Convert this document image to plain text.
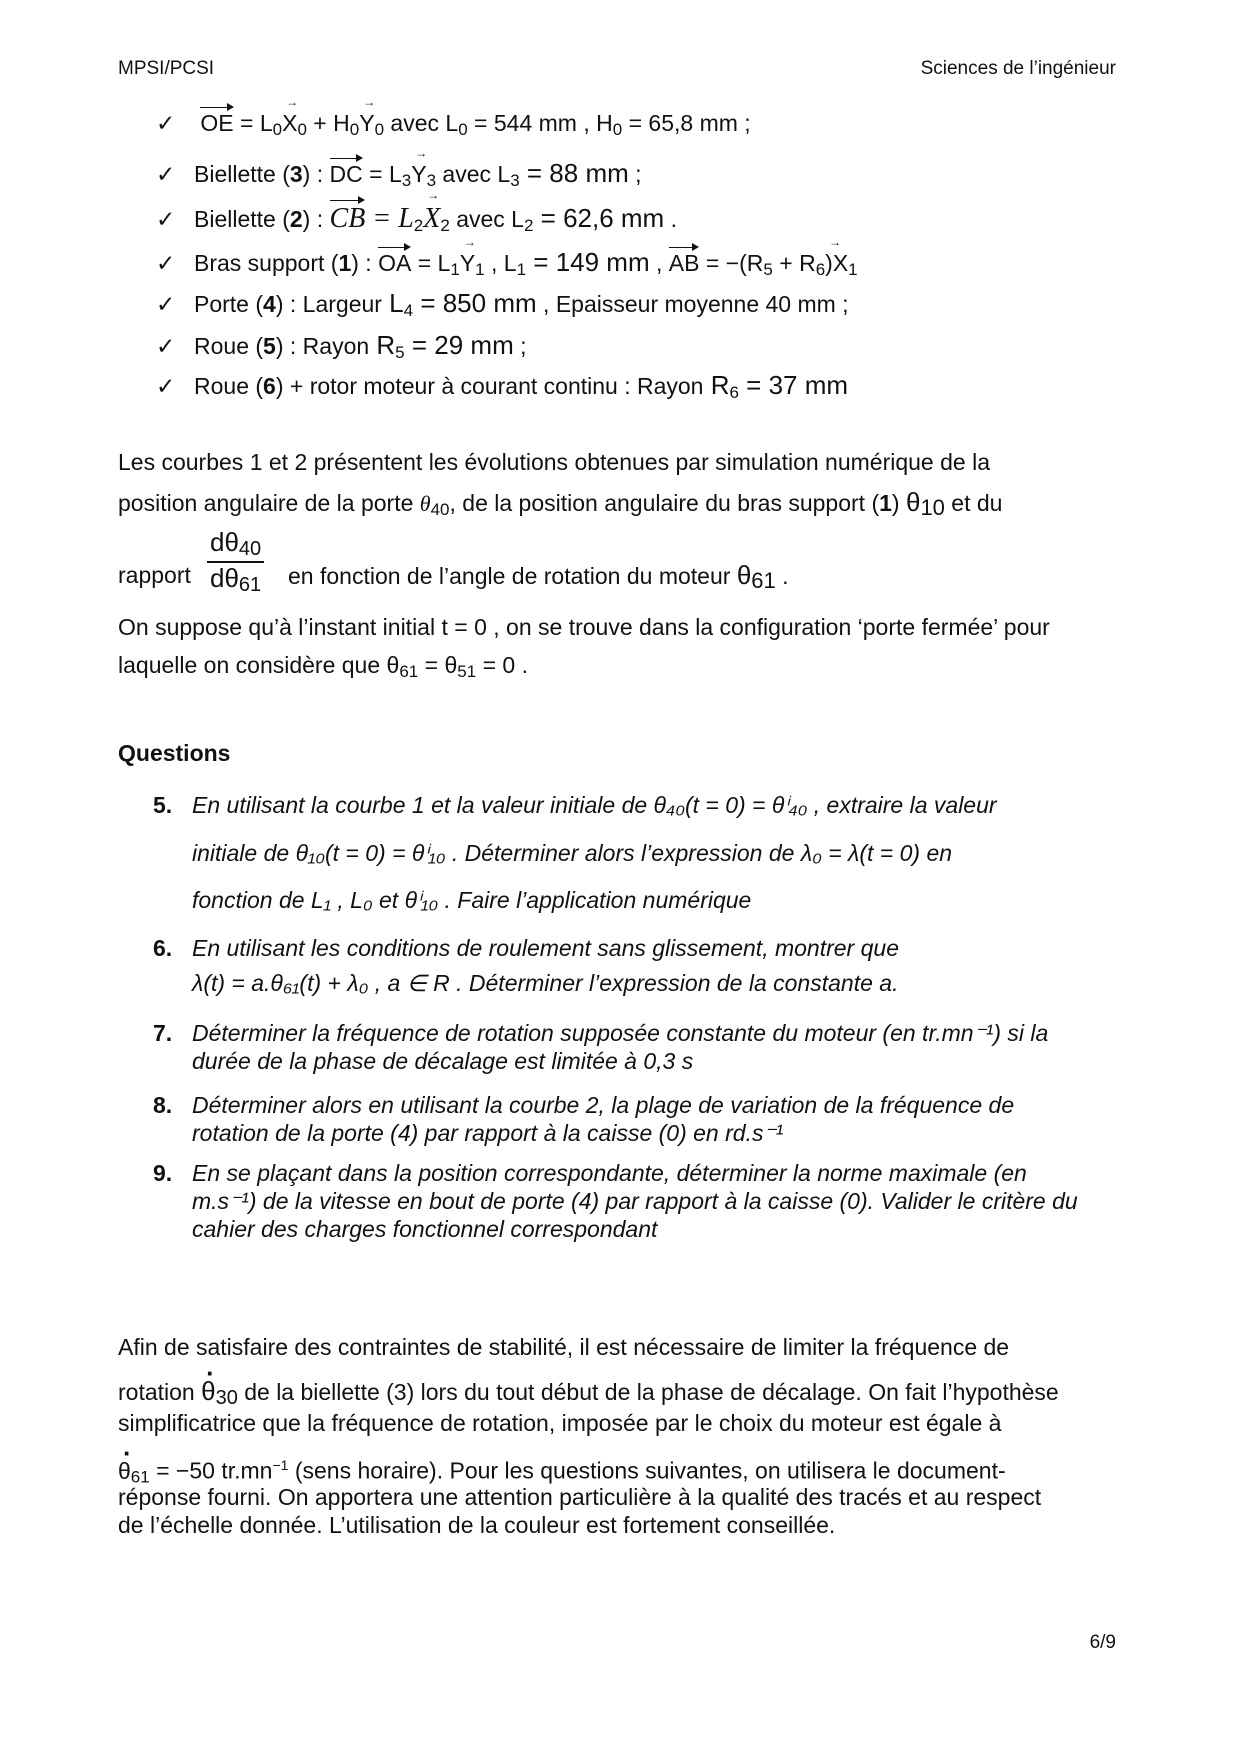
MPSI/PCSI	Sciences de l’ingénieur
✓ OE = $L_0\to X_0 + H_0\to Y_0$ avec $L_0 = 544$ mm , $H_0 = 65,8$ mm ;
✓ Biellette (3) : DC = $L_3\to Y_3$ avec $L_3 = 88$ mm ;
✓ Biellette (2) : CB = $L_2\to X_2$ avec $L_2 = 62,6$ mm .
✓ Bras support (1) : OA = $L_1\to Y_1$ , $L_1 = 149$ mm , AB = $-(R_5 + R_6\to )X_1$
✓ Porte (4) : Largeur $L_4 = 850$ mm , Epaisseur moyenne 40 mm ;
✓ Roue (5) : Rayon $R_5 = 29$ mm ;
✓ Roue (6) + rotor moteur à courant continu : Rayon $R_6 = 37$ mm
Les courbes 1 et 2 présentent les évolutions obtenues par simulation numérique de la
position angulaire de la porte $\theta_{40}$, de la position angulaire du bras support (1) $\theta_{10}$ et du
rapport $\frac{d\theta_{40}}{d\theta_{61}}$ en fonction de l’angle de rotation du moteur $\theta_{61}$ .
On suppose qu’à l’instant initial t = 0 , on se trouve dans la configuration ‘porte fermée’ pour
laquelle on considère que $\theta_{61} = \theta_{51} = 0$ .
Questions
5. En utilisant la courbe 1 et la valeur initiale de θ₄₀(t = 0) = θⁱ₄₀ , extraire la valeur
initiale de θ₁₀(t = 0) = θⁱ₁₀ . Déterminer alors l’expression de λ₀ = λ(t = 0) en
fonction de L₁ , L₀ et θⁱ₁₀ . Faire l’application numérique
6. En utilisant les conditions de roulement sans glissement, montrer que
λ(t) = a.θ₆₁(t) + λ₀ , a ∈ R . Déterminer l’expression de la constante a.
7. Déterminer la fréquence de rotation supposée constante du moteur (en tr.mn⁻¹) si la
durée de la phase de décalage est limitée à 0,3 s
8. Déterminer alors en utilisant la courbe 2, la plage de variation de la fréquence de
rotation de la porte (4) par rapport à la caisse (0) en rd.s⁻¹
9. En se plaçant dans la position correspondante, déterminer la norme maximale (en
m.s⁻¹) de la vitesse en bout de porte (4) par rapport à la caisse (0). Valider le critère du
cahier des charges fonctionnel correspondant
Afin de satisfaire des contraintes de stabilité, il est nécessaire de limiter la fréquence de
rotation · $\theta_{30}$ de la biellette (3) lors du tout début de la phase de décalage. On fait l’hypothèse
simplificatrice que la fréquence de rotation, imposée par le choix du moteur est égale à
· $\theta_{61} = -50$ $tr.mn^{-1}$ (sens horaire). Pour les questions suivantes, on utilisera le document-
réponse fourni. On apportera une attention particulière à la qualité des tracés et au respect
de l’échelle donnée. L’utilisation de la couleur est fortement conseillée.
6/9
